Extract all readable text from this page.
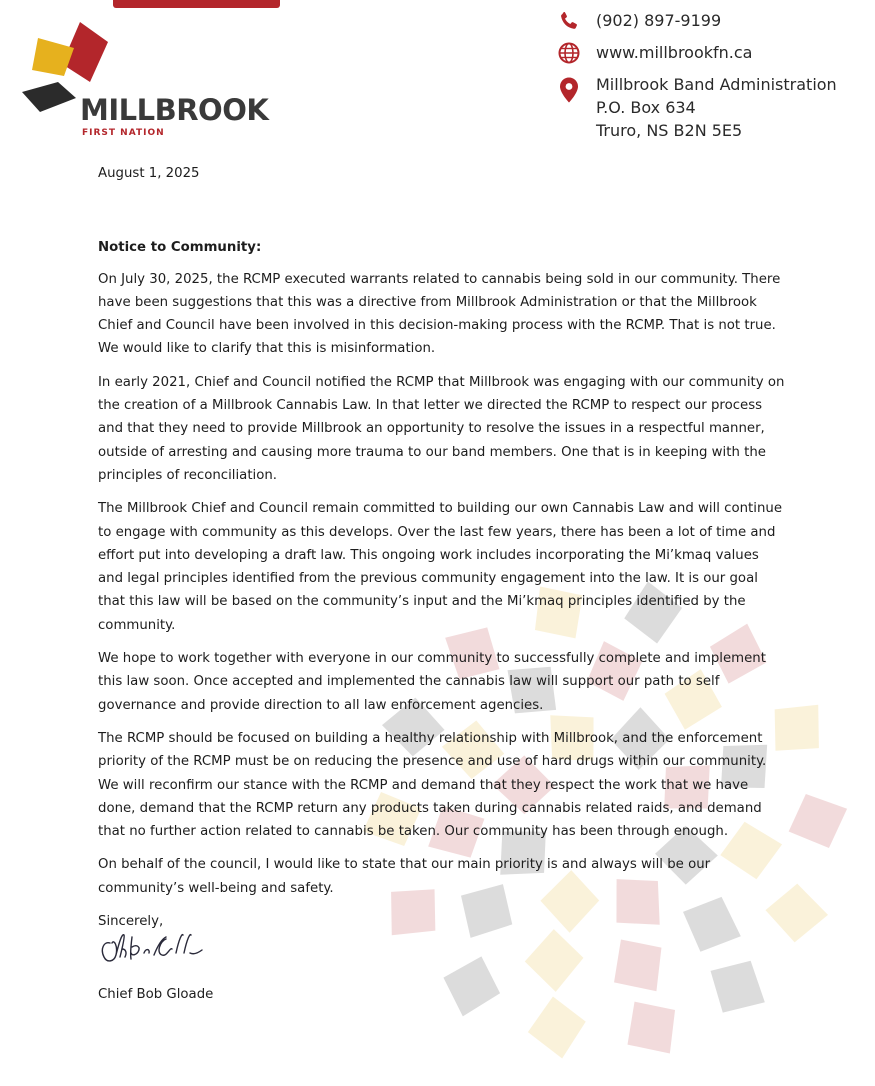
MILLBROOK
FIRST NATION
(902) 897-9199
www.millbrookfn.ca
Millbrook Band Administration
P.O. Box 634
Truro, NS B2N 5E5

August 1, 2025

Notice to Community:

On July 30, 2025, the RCMP executed warrants related to cannabis being sold in our community. There have been suggestions that this was a directive from Millbrook Administration or that the Millbrook Chief and Council have been involved in this decision-making process with the RCMP. That is not true. We would like to clarify that this is misinformation.

In early 2021, Chief and Council notified the RCMP that Millbrook was engaging with our community on the creation of a Millbrook Cannabis Law. In that letter we directed the RCMP to respect our process and that they need to provide Millbrook an opportunity to resolve the issues in a respectful manner, outside of arresting and causing more trauma to our band members. One that is in keeping with the principles of reconciliation.

The Millbrook Chief and Council remain committed to building our own Cannabis Law and will continue to engage with community as this develops. Over the last few years, there has been a lot of time and effort put into developing a draft law. This ongoing work includes incorporating the Mi’kmaq values and legal principles identified from the previous community engagement into the law. It is our goal that this law will be based on the community’s input and the Mi’kmaq principles identified by the community.

We hope to work together with everyone in our community to successfully complete and implement this law soon. Once accepted and implemented the cannabis law will support our path to self governance and provide direction to all law enforcement agencies.

The RCMP should be focused on building a healthy relationship with Millbrook, and the enforcement priority of the RCMP must be on reducing the presence and use of hard drugs within our community. We will reconfirm our stance with the RCMP and demand that they respect the work that we have done, demand that the RCMP return any products taken during cannabis related raids, and demand that no further action related to cannabis be taken. Our community has been through enough.

On behalf of the council, I would like to state that our main priority is and always will be our community’s well-being and safety.

Sincerely,

Chief Bob Gloade
